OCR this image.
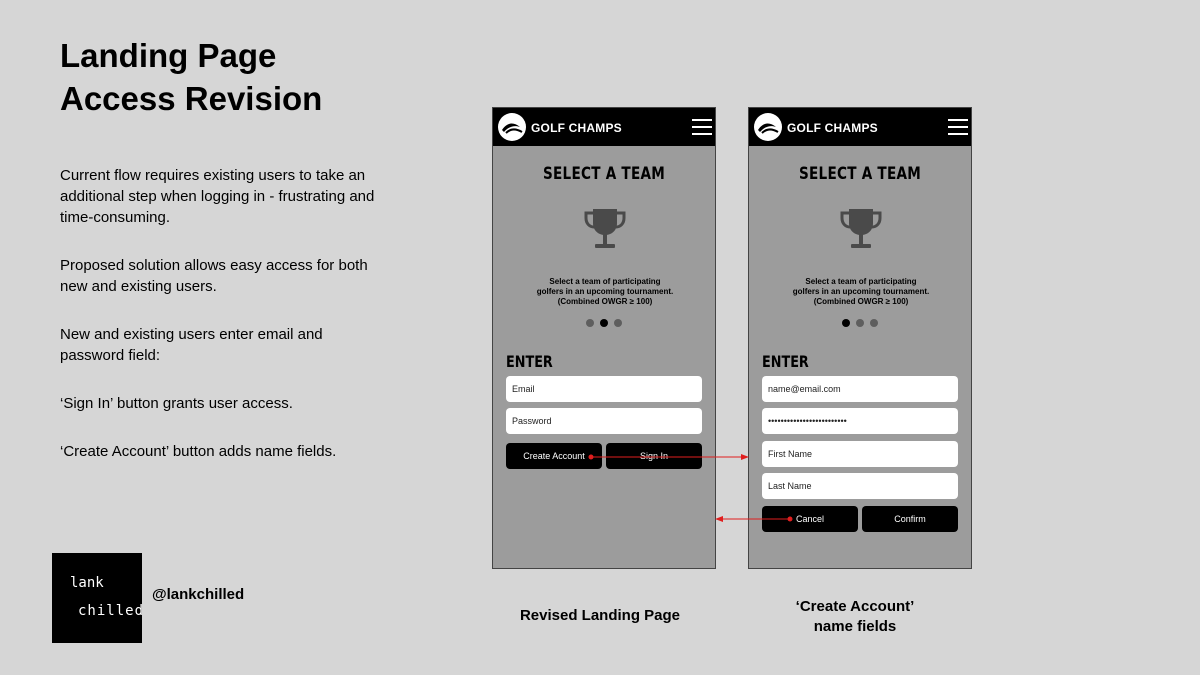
Landing Page
Access Revision

Current flow requires existing users to take an additional step when logging in - frustrating and time-consuming.

Proposed solution allows easy access for both new and existing users.

New and existing users enter email and password field:

‘Sign In’ button grants user access.

‘Create Account’ button adds name fields.

lank
chilled
@lankchilled
GOLF CHAMPS
SELECT A TEAM
Select a team of participating
golfers in an upcoming tournament.
(Combined OWGR ≥ 100)
ENTER
Email
Password
Create Account	Sign In
GOLF CHAMPS
SELECT A TEAM
Select a team of participating
golfers in an upcoming tournament.
(Combined OWGR ≥ 100)
ENTER
name@email.com
•••••••••••••••••••••••••
First Name
Last Name
Cancel	Confirm
Revised Landing Page
‘Create Account’
name fields
